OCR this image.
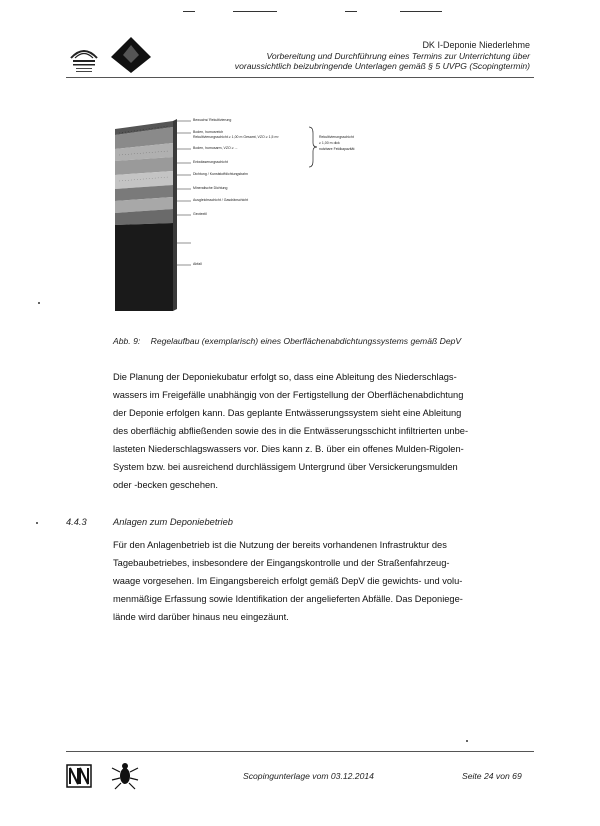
DK I-Deponie Niederlehme
Vorbereitung und Durchführung eines Termins zur Unterrichtung über
voraussichtlich beizubringende Unterlagen gemäß § 5 UVPG (Scopingtermin)
Bewuchs/ Rekultivierung
Boden, humusreich
Rekultivierungsschicht ≥ 1,00 m Gesamt, VZO ≥ 1,5 m³
Boden, humusarm, VZO ≥ ...
Entwässerungsschicht
Dichtung / Kunststoffdichtungsbahn
Mineralische Dichtung
Ausgleichsschicht / Gasdränschicht
Geotextil
Abfall
Rekultivierungsschicht
≥ 1,00 m dick
nutzbare Feldkapazität
Abb. 9: Regelaufbau (exemplarisch) eines Oberflächenabdichtungssystems gemäß DepV
Die Planung der Deponiekubatur erfolgt so, dass eine Ableitung des Niederschlags-
wassers im Freigefälle unabhängig von der Fertigstellung der Oberflächenabdichtung
der Deponie erfolgen kann. Das geplante Entwässerungssystem sieht eine Ableitung
des oberflächig abfließenden sowie des in die Entwässerungsschicht infiltrierten unbe-
lasteten Niederschlagswassers vor. Dies kann z. B. über ein offenes Mulden-Rigolen-
System bzw. bei ausreichend durchlässigem Untergrund über Versickerungsmulden
oder -becken geschehen.
4.4.3	Anlagen zum Deponiebetrieb
Für den Anlagenbetrieb ist die Nutzung der bereits vorhandenen Infrastruktur des
Tagebaubetriebes, insbesondere der Eingangskontrolle und der Straßenfahrzeug-
waage vorgesehen. Im Eingangsbereich erfolgt gemäß DepV die gewichts- und volu-
menmäßige Erfassung sowie Identifikation der angelieferten Abfälle. Das Deponiege-
lände wird darüber hinaus neu eingezäunt.
Scopingunterlage vom 03.12.2014	Seite 24 von 69
